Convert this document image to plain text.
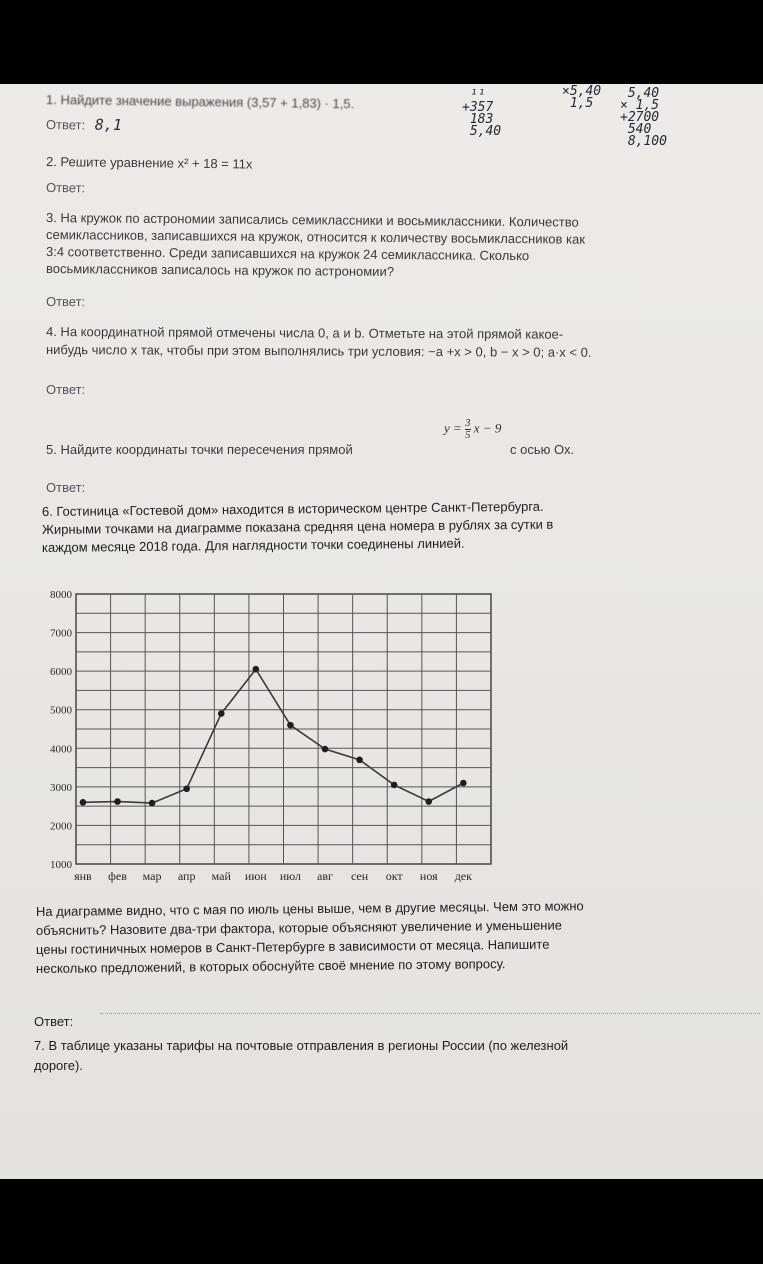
1. Найдите значение выражения (3,57 + 1,83) · 1,5.
Ответ: 8,1
¹¹
+357
183
5,40
×5,40
1,5
5,40
× 1,5
+2700
540
8,100
2. Решите уравнение x² + 18 = 11x
Ответ:
3. На кружок по астрономии записались семиклассники и восьмиклассники. Количество
семиклассников, записавшихся на кружок, относится к количеству восьмиклассников как
3:4 соответственно. Среди записавшихся на кружок 24 семиклассника. Сколько
восьмиклассников записалось на кружок по астрономии?
Ответ:
4. На координатной прямой отмечены числа 0, a и b. Отметьте на этой прямой какое-
нибудь число x так, чтобы при этом выполнялись три условия: −a +x > 0, b − x > 0; a·x < 0.
Ответ:
$y = \frac{3}{5}$ x − 9
5. Найдите координаты точки пересечения прямой	с осью Ох.
Ответ:
6. Гостиница «Гостевой дом» находится в историческом центре Санкт-Петербурга.
Жирными точками на диаграмме показана средняя цена номера в рублях за сутки в
каждом месяце 2018 года. Для наглядности точки соединены линией.
1000
2000
3000
4000
5000
6000
7000
8000
янв фев мар апр май июн июл авг сен окт ноя дек
На диаграмме видно, что с мая по июль цены выше, чем в другие месяцы. Чем это можно
объяснить? Назовите два-три фактора, которые объясняют увеличение и уменьшение
цены гостиничных номеров в Санкт-Петербурге в зависимости от месяца. Напишите
несколько предложений, в которых обоснуйте своё мнение по этому вопросу.
Ответ:
7. В таблице указаны тарифы на почтовые отправления в регионы России (по железной
дороге).
